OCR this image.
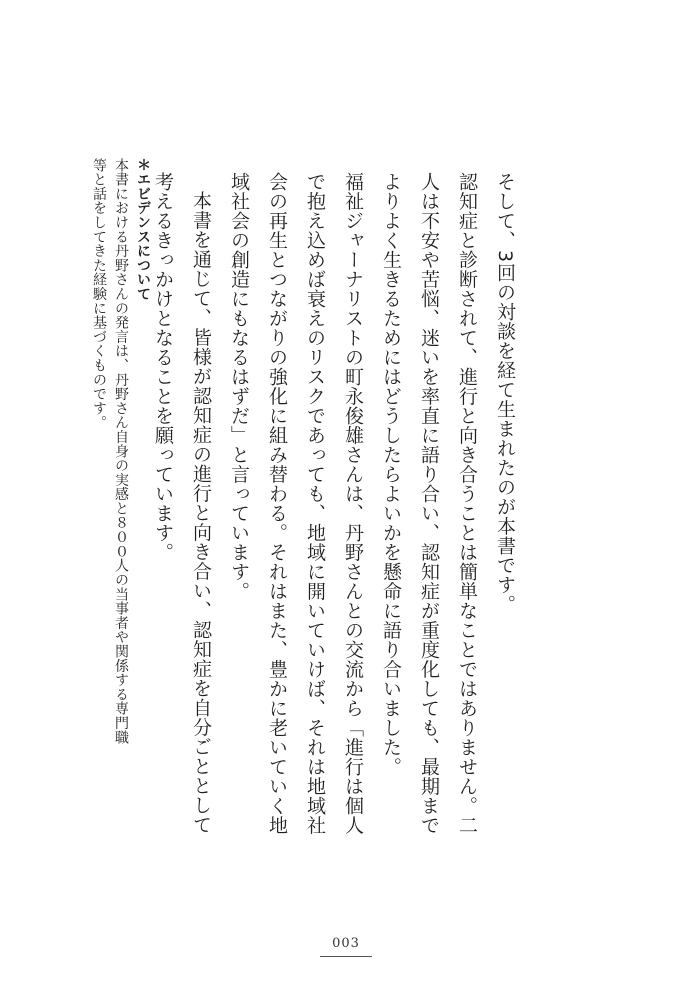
そして、3回の対談を経て生まれたのが本書です。

認知症と診断されて、進行と向き合うことは簡単なことではありません。二人は不安や苦悩、迷いを率直に語り合い、認知症が重度化しても、最期までよりよく生きるためにはどうしたらよいかを懸命に語り合いました。

福祉ジャーナリストの町永俊雄さんは、丹野さんとの交流から「進行は個人で抱え込めば衰えのリスクであっても、地域に開いていけば、それは地域社会の再生とつながりの強化に組み替わる。それはまた、豊かに老いていく地域社会の創造にもなるはずだ」と言っています。

本書を通じて、皆様が認知症の進行と向き合い、認知症を自分ごととして考えるきっかけとなることを願っています。

＊エビデンスについて

本書における丹野さんの発言は、丹野さん自身の実感と８００人の当事者や関係する専門職等と話をしてきた経験に基づくものです。

003
